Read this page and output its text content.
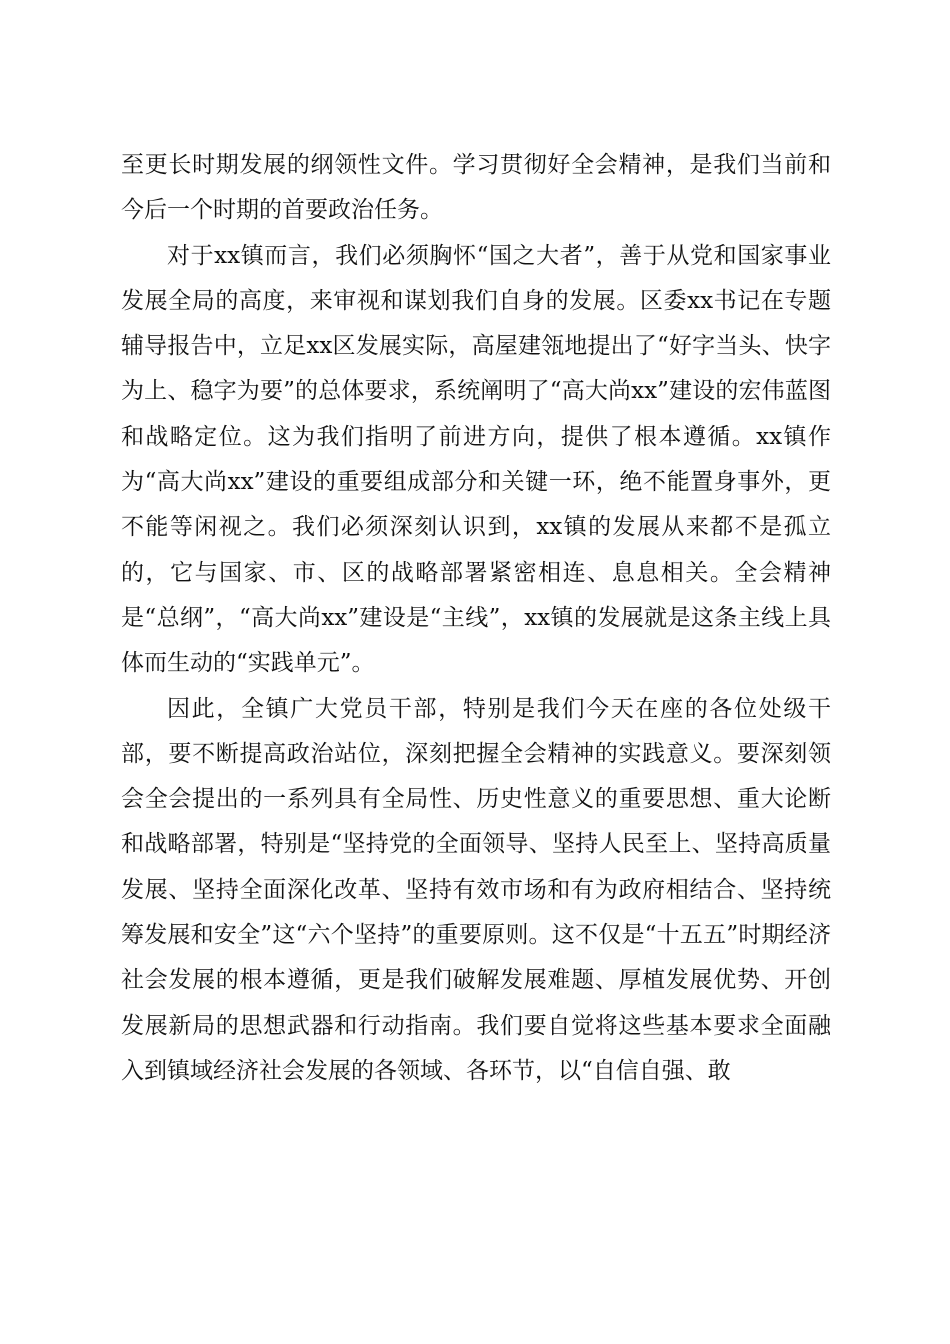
至更长时期发展的纲领性文件。学习贯彻好全会精神，是我们当前和今后一个时期的首要政治任务。

对于xx镇而言，我们必须胸怀“国之大者”，善于从党和国家事业发展全局的高度，来审视和谋划我们自身的发展。区委xx书记在专题辅导报告中，立足xx区发展实际，高屋建瓴地提出了“好字当头、快字为上、稳字为要”的总体要求，系统阐明了“高大尚xx”建设的宏伟蓝图和战略定位。这为我们指明了前进方向，提供了根本遵循。xx镇作为“高大尚xx”建设的重要组成部分和关键一环，绝不能置身事外，更不能等闲视之。我们必须深刻认识到，xx镇的发展从来都不是孤立的，它与国家、市、区的战略部署紧密相连、息息相关。全会精神是“总纲”，“高大尚xx”建设是“主线”，xx镇的发展就是这条主线上具体而生动的“实践单元”。

因此，全镇广大党员干部，特别是我们今天在座的各位处级干部，要不断提高政治站位，深刻把握全会精神的实践意义。要深刻领会全会提出的一系列具有全局性、历史性意义的重要思想、重大论断和战略部署，特别是“坚持党的全面领导、坚持人民至上、坚持高质量发展、坚持全面深化改革、坚持有效市场和有为政府相结合、坚持统筹发展和安全”这“六个坚持”的重要原则。这不仅是“十五五”时期经济社会发展的根本遵循，更是我们破解发展难题、厚植发展优势、开创发展新局的思想武器和行动指南。我们要自觉将这些基本要求全面融入到镇域经济社会发展的各领域、各环节，以“自信自强、敢
